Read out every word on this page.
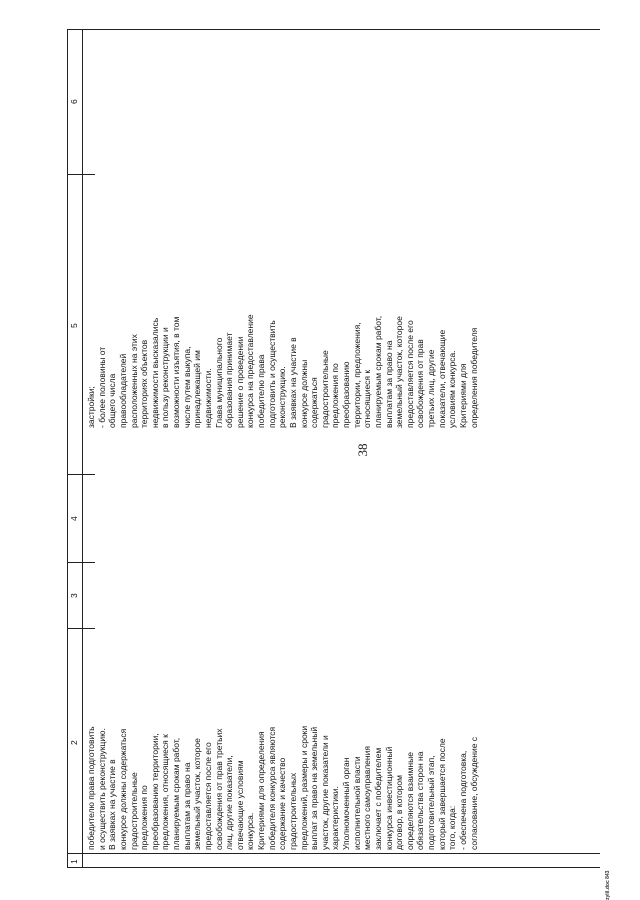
38
1
2
3
4
5
6
победителю права подготовить и осуществить реконструкцию. В заявках на участие в конкурсе должны содержаться градостроительные предложения по преобразованию территории, предложения, относящиеся к планируемым срокам работ, выплатам за право на земельный участок, которое предоставляется после его освобождения от прав третьих лиц, другие показатели, отвечающие условиям конкурса. Критериями для определения победителя конкурса являются содержание и качество градостроительных предложений, размеры и сроки выплат за право на земельный участок, другие показатели и характеристики. Уполномоченный орган исполнительной власти местного самоуправления заключает с победителем конкурса инвестиционный договор, в котором определяются взаимные обязательства сторон на подготовительный этап, который завершается после того, когда: - обеспечена подготовка, согласование, обсуждение с
застройки; - более половины от общего числа правообладателей расположенных на этих территориях объектов недвижимости высказались в пользу реконструкции и возможности изъятия, в том числе путем выкупа, принадлежащей им недвижимости. Глава муниципального образования принимает решение о проведении конкурса на предоставление победителю права подготовить и осуществить реконструкцию. В заявках на участие в конкурсе должны содержаться градостроительные предложения по преобразованию территории, предложения, относящиеся к планируемым срокам работ, выплатам за право на земельный участок, которое предоставляется после его освобождения от прав третьих лиц, другие показатели, отвечающие условиям конкурса. Критериями для определения победителя
zylil.doc 843
